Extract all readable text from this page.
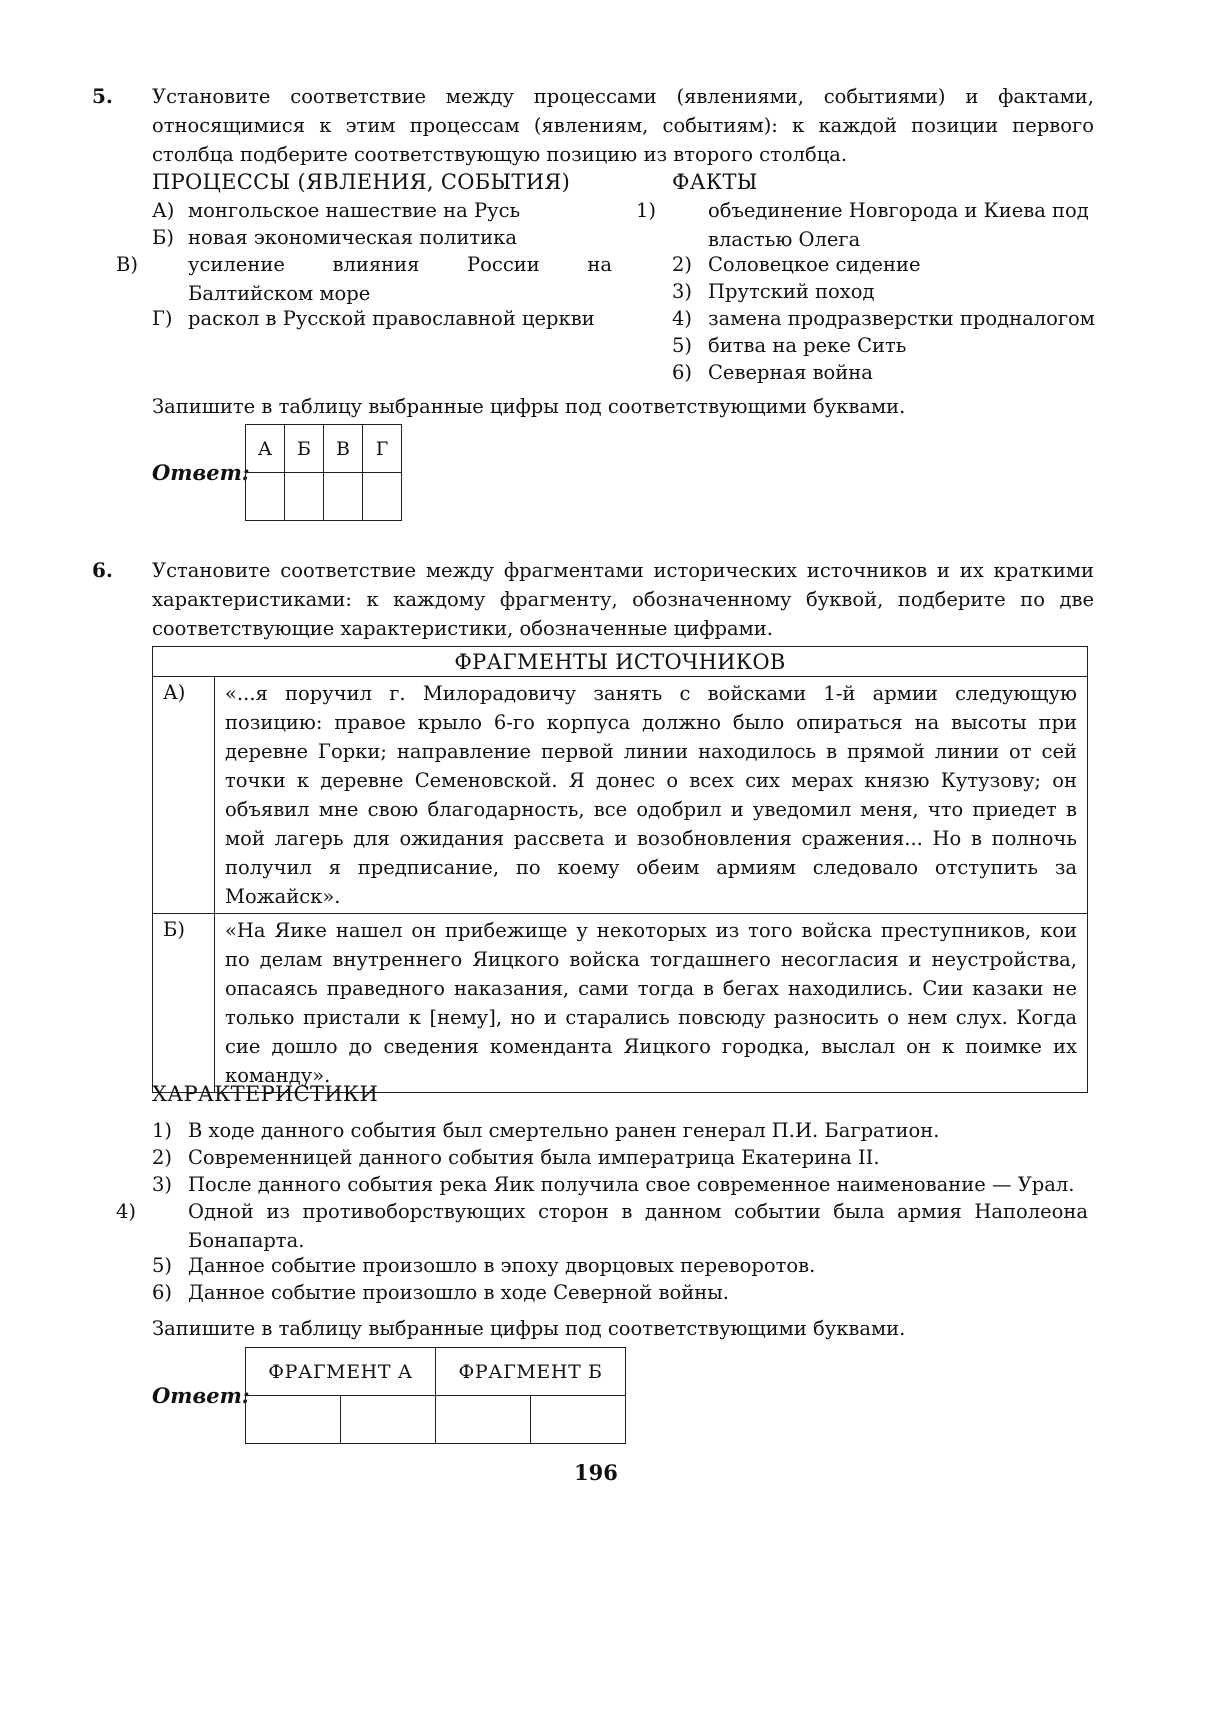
5. Установите соответствие между процессами (явлениями, событиями) и фактами, относящимися к этим процессам (явлениям, событиям): к каждой позиции первого столбца подберите соответствующую позицию из второго столбца.
ПРОЦЕССЫ (ЯВЛЕНИЯ, СОБЫТИЯ)	ФАКТЫ
А) монгольское нашествие на Русь
Б) новая экономическая политика
В)	усиление влияния России на Балтийском море
Г) раскол в Русской православной церкви
1)	объединение Новгорода и Киева под властью Олега
2) Соловецкое сидение
3) Прутский поход
4) замена продразверстки продналогом
5) битва на реке Сить
6) Северная война
Запишите в таблицу выбранные цифры под соответствующими буквами.
Ответ:
А	Б	В	Г

6. Установите соответствие между фрагментами исторических источников и их краткими характеристиками: к каждому фрагменту, обозначенному буквой, подберите по две соответствующие характеристики, обозначенные цифрами.
ФРАГМЕНТЫ ИСТОЧНИКОВ	
А)	«...я поручил г. Милорадовичу занять с войсками 1-й армии следующую позицию: правое крыло 6-го корпуса должно было опираться на высоты при деревне Горки; направление первой линии находилось в прямой линии от сей точки к деревне Семеновской. Я донес о всех сих мерах князю Кутузову; он объявил мне свою благодарность, все одобрил и уведомил меня, что приедет в мой лагерь для ожидания рассвета и возобновления сражения... Но в полночь получил я предписание, по коему обеим армиям следовало отступить за Можайск».
Б)	«На Яике нашел он прибежище у некоторых из того войска преступников, кои по делам внутреннего Яицкого войска тогдашнего несогласия и неустройства, опасаясь праведного наказания, сами тогда в бегах находились. Сии казаки не только пристали к [нему], но и старались повсюду разносить о нем слух. Когда сие дошло до сведения коменданта Яицкого городка, выслал он к поимке их команду».
ХАРАКТЕРИСТИКИ
1) В ходе данного события был смертельно ранен генерал П.И. Багратион.
2) Современницей данного события была императрица Екатерина II.
3) После данного события река Яик получила свое современное наименование — Урал.
4)	Одной из противоборствующих сторон в данном событии была армия Наполеона Бонапарта.
5) Данное событие произошло в эпоху дворцовых переворотов.
6) Данное событие произошло в ходе Северной войны.
Запишите в таблицу выбранные цифры под соответствующими буквами.
Ответ:
ФРАГМЕНТ А		ФРАГМЕНТ Б	

196
